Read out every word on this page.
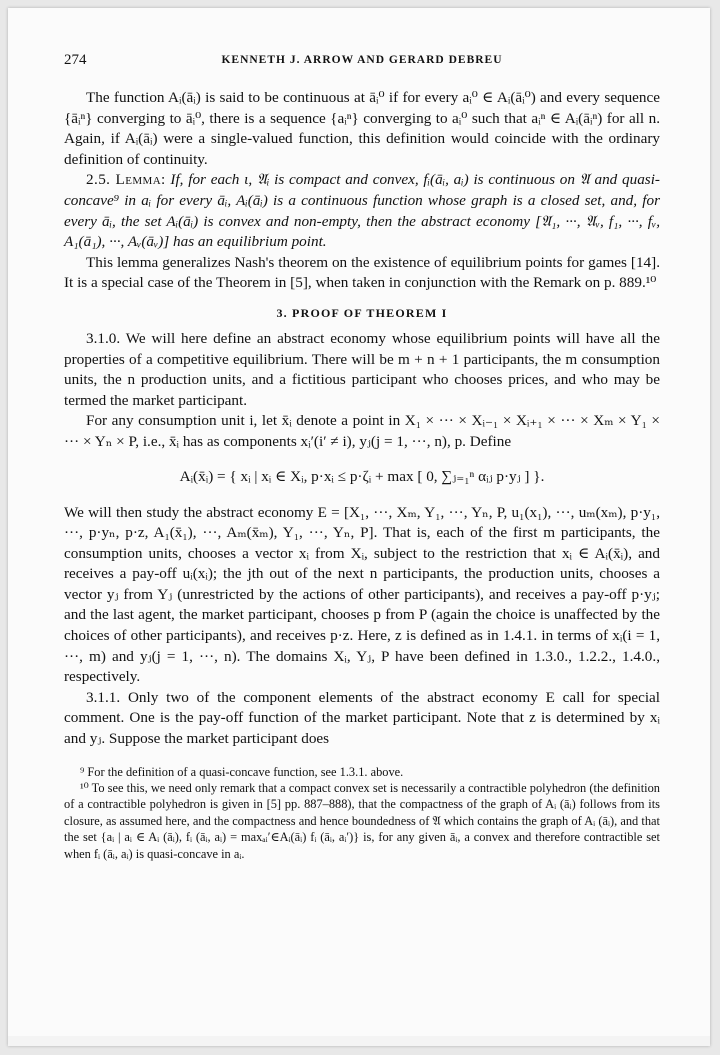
274	KENNETH J. ARROW AND GERARD DEBREU

The function Aᵢ(āᵢ) is said to be continuous at āᵢ⁰ if for every aᵢ⁰ ∈ Aᵢ(āᵢ⁰) and every sequence {āᵢⁿ} converging to āᵢ⁰, there is a sequence {aᵢⁿ} converging to aᵢ⁰ such that aᵢⁿ ∈ Aᵢ(āᵢⁿ) for all n. Again, if Aᵢ(āᵢ) were a single-valued function, this definition would coincide with the ordinary definition of continuity.

2.5. Lemma: If, for each ι, 𝔄ᵢ is compact and convex, fᵢ(āᵢ, aᵢ) is continuous on 𝔄 and quasi-concave⁹ in aᵢ for every āᵢ, Aᵢ(āᵢ) is a continuous function whose graph is a closed set, and, for every āᵢ, the set Aᵢ(āᵢ) is convex and non-empty, then the abstract economy [𝔄₁, ···, 𝔄ᵥ, f₁, ···, fᵥ, A₁(ā₁), ···, Aᵥ(āᵥ)] has an equilibrium point.

This lemma generalizes Nash's theorem on the existence of equilibrium points for games [14]. It is a special case of the Theorem in [5], when taken in conjunction with the Remark on p. 889.¹⁰

3. PROOF OF THEOREM I

3.1.0. We will here define an abstract economy whose equilibrium points will have all the properties of a competitive equilibrium. There will be m + n + 1 participants, the m consumption units, the n production units, and a fictitious participant who chooses prices, and who may be termed the market participant.

For any consumption unit i, let x̄ᵢ denote a point in X₁ × ··· × Xᵢ₋₁ × Xᵢ₊₁ × ··· × Xₘ × Y₁ × ··· × Yₙ × P, i.e., x̄ᵢ has as components xᵢ′(i′ ≠ i), yⱼ(j = 1, ···, n), p. Define

Aᵢ(x̄ᵢ) = { xᵢ | xᵢ ∈ Xᵢ, p·xᵢ ≤ p·ζᵢ + max [ 0, ∑ⱼ₌₁ⁿ αᵢⱼ p·yⱼ ] }.

We will then study the abstract economy E = [X₁, ···, Xₘ, Y₁, ···, Yₙ, P, u₁(x₁), ···, uₘ(xₘ), p·y₁, ···, p·yₙ, p·z, A₁(x̄₁), ···, Aₘ(x̄ₘ), Y₁, ···, Yₙ, P]. That is, each of the first m participants, the consumption units, chooses a vector xᵢ from Xᵢ, subject to the restriction that xᵢ ∈ Aᵢ(x̄ᵢ), and receives a pay-off uᵢ(xᵢ); the jth out of the next n participants, the production units, chooses a vector yⱼ from Yⱼ (unrestricted by the actions of other participants), and receives a pay-off p·yⱼ; and the last agent, the market participant, chooses p from P (again the choice is unaffected by the choices of other participants), and receives p·z. Here, z is defined as in 1.4.1. in terms of xᵢ(i = 1, ···, m) and yⱼ(j = 1, ···, n). The domains Xᵢ, Yⱼ, P have been defined in 1.3.0., 1.2.2., 1.4.0., respectively.

3.1.1. Only two of the component elements of the abstract economy E call for special comment. One is the pay-off function of the market participant. Note that z is determined by xᵢ and yⱼ. Suppose the market participant does

⁹ For the definition of a quasi-concave function, see 1.3.1. above.
¹⁰ To see this, we need only remark that a compact convex set is necessarily a contractible polyhedron (the definition of a contractible polyhedron is given in [5] pp. 887–888), that the compactness of the graph of Aᵢ (āᵢ) follows from its closure, as assumed here, and the compactness and hence boundedness of 𝔄 which contains the graph of Aᵢ (āᵢ), and that the set {aᵢ | aᵢ ∈ Aᵢ (āᵢ), fᵢ (āᵢ, aᵢ) = maxₐᵢ′∈Aᵢ(āᵢ) fᵢ (āᵢ, aᵢ′)} is, for any given āᵢ, a convex and therefore contractible set when fᵢ (āᵢ, aᵢ) is quasi-concave in aᵢ.
